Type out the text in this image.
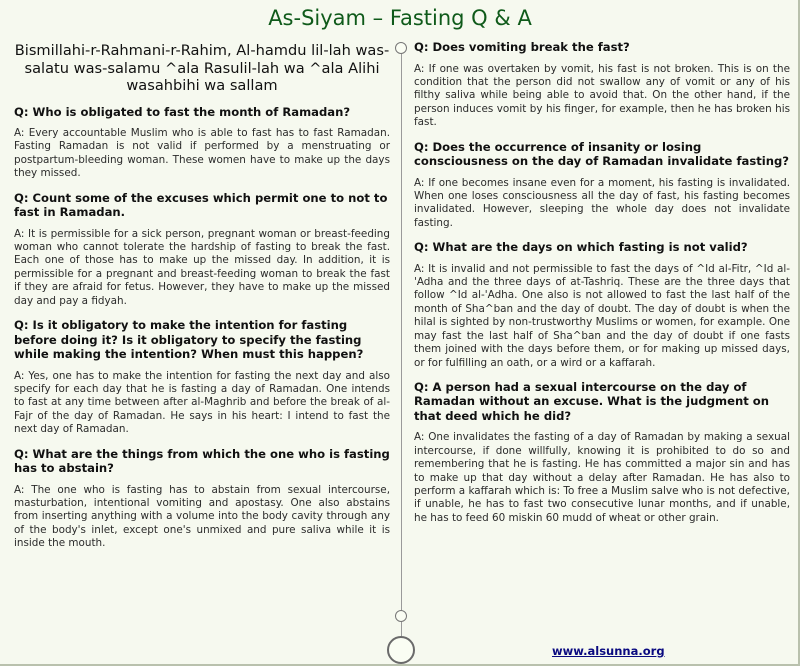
As-Siyam – Fasting Q & A
Bismillahi-r-Rahmani-r-Rahim, Al-hamdu lil-lah was-salatu was-salamu ^ala Rasulil-lah wa ^ala Alihi wasahbihi wa sallam
Q: Who is obligated to fast the month of Ramadan?
A: Every accountable Muslim who is able to fast has to fast Ramadan. Fasting Ramadan is not valid if performed by a menstruating or postpartum-bleeding woman. These women have to make up the days they missed.
Q: Count some of the excuses which permit one to not to fast in Ramadan.
A: It is permissible for a sick person, pregnant woman or breast-feeding woman who cannot tolerate the hardship of fasting to break the fast. Each one of those has to make up the missed day. In addition, it is permissible for a pregnant and breast-feeding woman to break the fast if they are afraid for fetus. However, they have to make up the missed day and pay a fidyah.
Q: Is it obligatory to make the intention for fasting before doing it? Is it obligatory to specify the fasting while making the intention? When must this happen?
A: Yes, one has to make the intention for fasting the next day and also specify for each day that he is fasting a day of Ramadan. One intends to fast at any time between after al-Maghrib and before the break of al-Fajr of the day of Ramadan. He says in his heart: I intend to fast the next day of Ramadan.
Q: What are the things from which the one who is fasting has to abstain?
A: The one who is fasting has to abstain from sexual intercourse, masturbation, intentional vomiting and apostasy. One also abstains from inserting anything with a volume into the body cavity through any of the body's inlet, except one's unmixed and pure saliva while it is inside the mouth.
Q: Does vomiting break the fast?
A: If one was overtaken by vomit, his fast is not broken. This is on the condition that the person did not swallow any of vomit or any of his filthy saliva while being able to avoid that. On the other hand, if the person induces vomit by his finger, for example, then he has broken his fast.
Q: Does the occurrence of insanity or losing consciousness on the day of Ramadan invalidate fasting?
A: If one becomes insane even for a moment, his fasting is invalidated. When one loses consciousness all the day of fast, his fasting becomes invalidated. However, sleeping the whole day does not invalidate fasting.
Q: What are the days on which fasting is not valid?
A: It is invalid and not permissible to fast the days of ^Id al-Fitr, ^Id al-'Adha and the three days of at-Tashriq. These are the three days that follow ^Id al-'Adha. One also is not allowed to fast the last half of the month of Sha^ban and the day of doubt. The day of doubt is when the hilal is sighted by non-trustworthy Muslims or women, for example. One may fast the last half of Sha^ban and the day of doubt if one fasts them joined with the days before them, or for making up missed days, or for fulfilling an oath, or a wird or a kaffarah.
Q: A person had a sexual intercourse on the day of Ramadan without an excuse. What is the judgment on that deed which he did?
A: One invalidates the fasting of a day of Ramadan by making a sexual intercourse, if done willfully, knowing it is prohibited to do so and remembering that he is fasting. He has committed a major sin and has to make up that day without a delay after Ramadan. He has also to perform a kaffarah which is: To free a Muslim salve who is not defective, if unable, he has to fast two consecutive lunar months, and if unable, he has to feed 60 miskin 60 mudd of wheat or other grain.
www.alsunna.org
